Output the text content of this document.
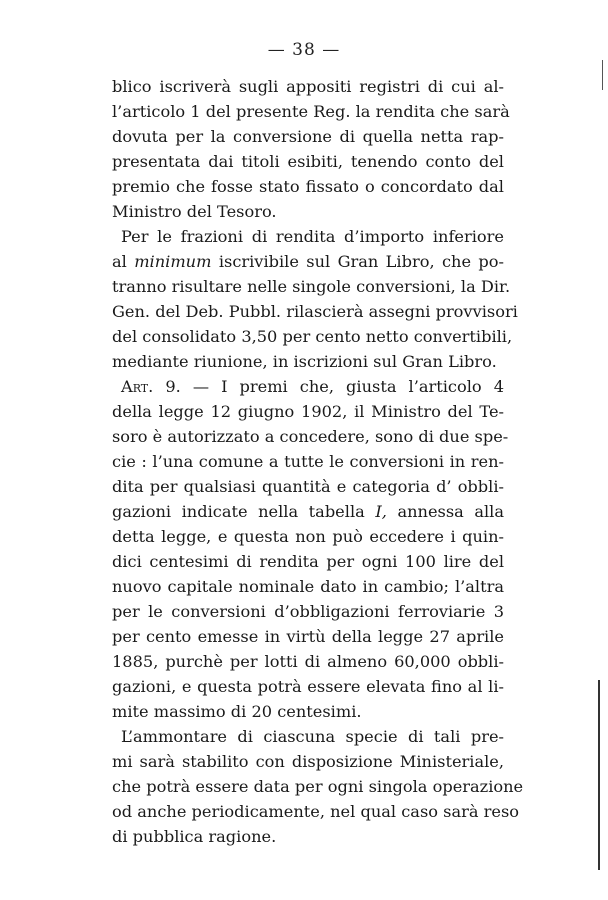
— 38 —
blico iscriverà sugli appositi registri di cui al-
l’articolo 1 del presente Reg. la rendita che sarà
dovuta per la conversione di quella netta rap-
presentata dai titoli esibiti, tenendo conto del
premio che fosse stato fissato o concordato dal
Ministro del Tesoro.
Per le frazioni di rendita d’importo inferiore
al minimum iscrivibile sul Gran Libro, che po-
tranno risultare nelle singole conversioni, la Dir.
Gen. del Deb. Pubbl. rilascierà assegni provvisori
del consolidato 3,50 per cento netto convertibili,
mediante riunione, in iscrizioni sul Gran Libro.
Art. 9. — I premi che, giusta l’articolo 4
della legge 12 giugno 1902, il Ministro del Te-
soro è autorizzato a concedere, sono di due spe-
cie : l’una comune a tutte le conversioni in ren-
dita per qualsiasi quantità e categoria d’ obbli-
gazioni indicate nella tabella I, annessa alla
detta legge, e questa non può eccedere i quin-
dici centesimi di rendita per ogni 100 lire del
nuovo capitale nominale dato in cambio; l’altra
per le conversioni d’obbligazioni ferroviarie 3
per cento emesse in virtù della legge 27 aprile
1885, purchè per lotti di almeno 60,000 obbli-
gazioni, e questa potrà essere elevata fino al li-
mite massimo di 20 centesimi.
L’ammontare di ciascuna specie di tali pre-
mi sarà stabilito con disposizione Ministeriale,
che potrà essere data per ogni singola operazione
od anche periodicamente, nel qual caso sarà reso
di pubblica ragione.
